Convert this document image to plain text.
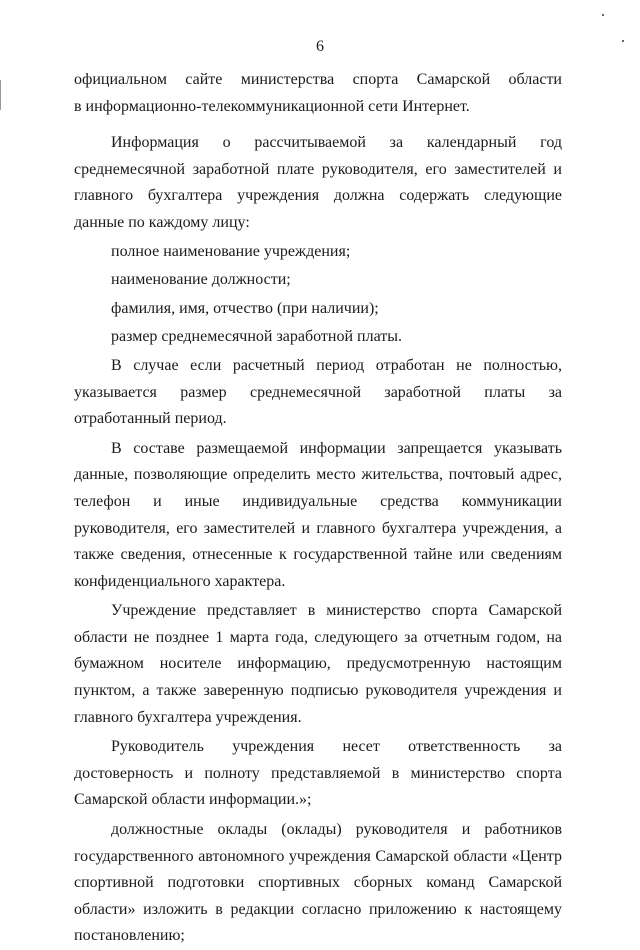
6

официальном сайте министерства спорта Самарской области

в информационно-телекоммуникационной сети Интернет.

Информация о рассчитываемой за календарный год среднемесячной заработной плате руководителя, его заместителей и главного бухгалтера учреждения должна содержать следующие данные по каждому лицу:

полное наименование учреждения;

наименование должности;

фамилия, имя, отчество (при наличии);

размер среднемесячной заработной платы.

В случае если расчетный период отработан не полностью, указывается размер среднемесячной заработной платы за отработанный период.

В составе размещаемой информации запрещается указывать данные, позволяющие определить место жительства, почтовый адрес, телефон и иные индивидуальные средства коммуникации руководителя, его заместителей и главного бухгалтера учреждения, а также сведения, отнесенные к государственной тайне или сведениям конфиденциального характера.

Учреждение представляет в министерство спорта Самарской области не позднее 1 марта года, следующего за отчетным годом, на бумажном носителе информацию, предусмотренную настоящим пунктом, а также заверенную подписью руководителя учреждения и главного бухгалтера учреждения.

Руководитель учреждения несет ответственность за достоверность и полноту представляемой в министерство спорта Самарской области информации.»;

должностные оклады (оклады) руководителя и работников государственного автономного учреждения Самарской области «Центр спортивной подготовки спортивных сборных команд Самарской области» изложить в редакции согласно приложению к настоящему постановлению;
